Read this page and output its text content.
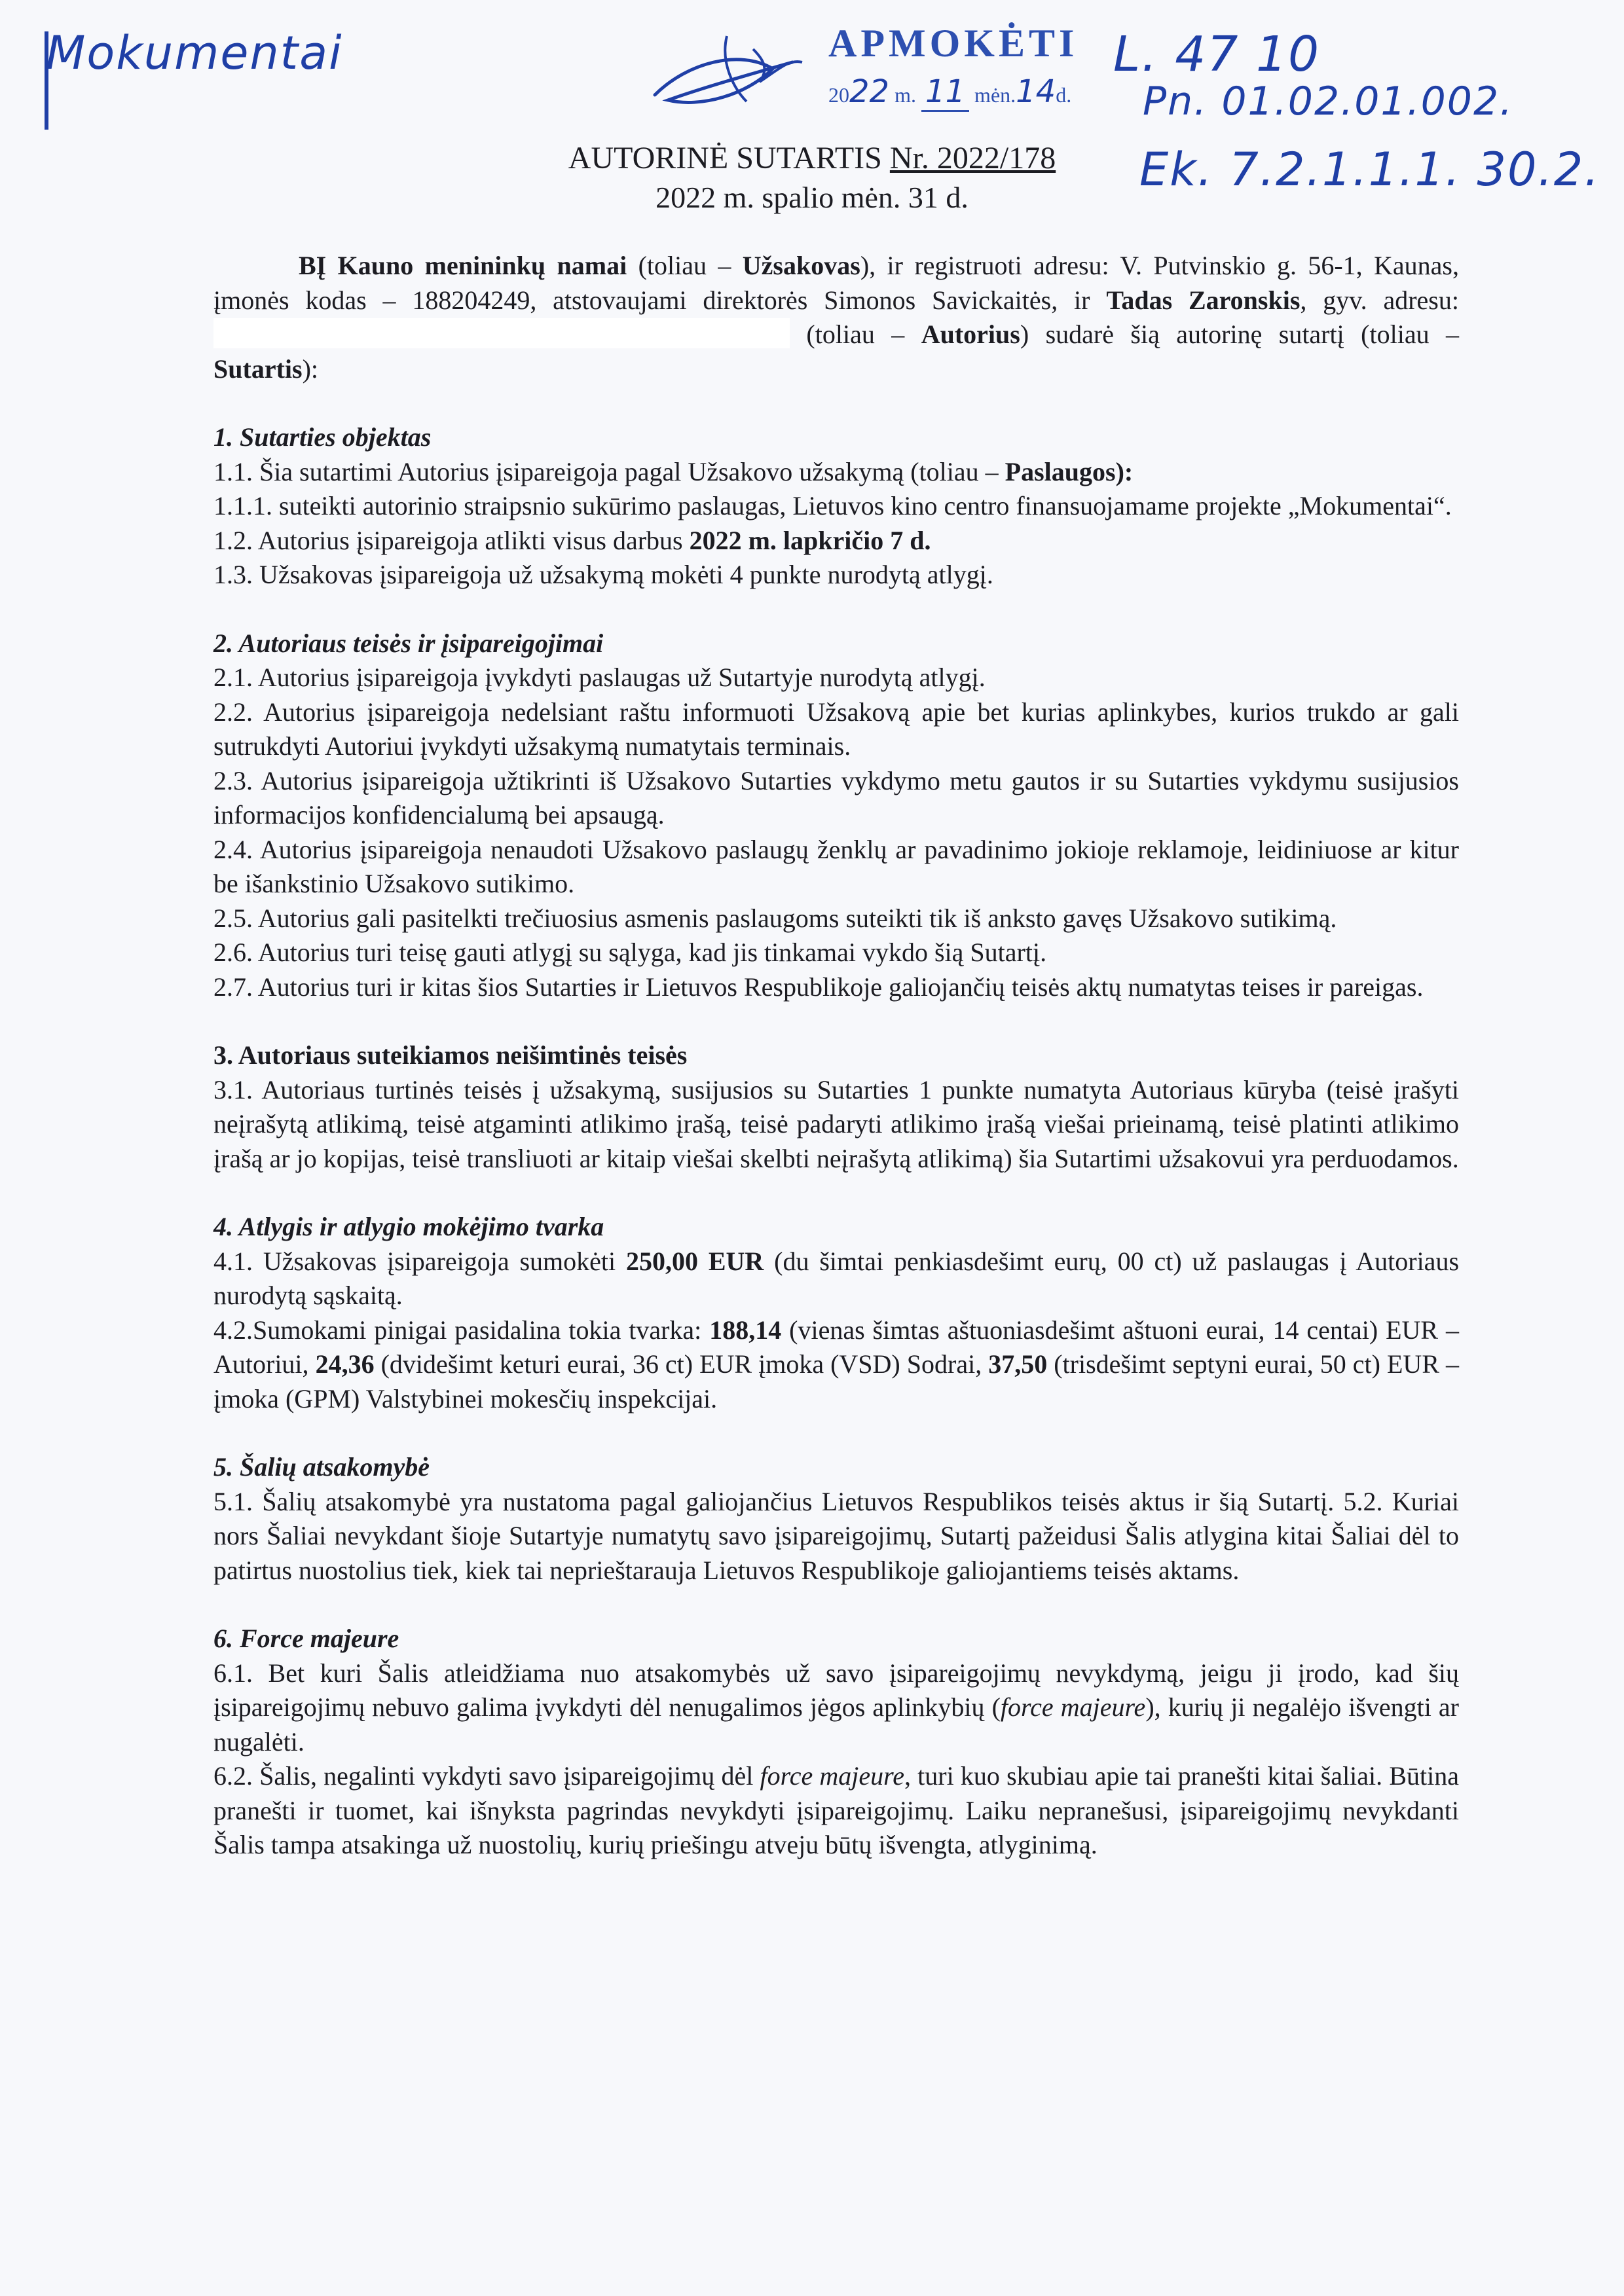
Mokumentai	L. 47 10
Pn. 01.02.01.002.
Ek. 7.2.1.1.1. 30.2.
APMOKĖTI
2022 m. 11 mėn.14d.
AUTORINĖ SUTARTIS Nr. 2022/178
2022 m. spalio mėn. 31 d.

BĮ Kauno menininkų namai (toliau – Užsakovas), ir registruoti adresu: V. Putvinskio g. 56-1, Kaunas, įmonės kodas – 188204249, atstovaujami direktorės Simonos Savickaitės, ir Tadas Zaronskis, gyv. adresu:  (toliau – Autorius) sudarė šią autorinę sutartį (toliau – Sutartis):

1. Sutarties objektas

1.1. Šia sutartimi Autorius įsipareigoja pagal Užsakovo užsakymą (toliau – Paslaugos):

1.1.1. suteikti autorinio straipsnio sukūrimo paslaugas, Lietuvos kino centro finansuojamame projekte „Mokumentai“.

1.2. Autorius įsipareigoja atlikti visus darbus 2022 m. lapkričio 7 d.

1.3. Užsakovas įsipareigoja už užsakymą mokėti 4 punkte nurodytą atlygį.

2. Autoriaus teisės ir įsipareigojimai

2.1. Autorius įsipareigoja įvykdyti paslaugas už Sutartyje nurodytą atlygį.

2.2. Autorius įsipareigoja nedelsiant raštu informuoti Užsakovą apie bet kurias aplinkybes, kurios trukdo ar gali sutrukdyti Autoriui įvykdyti užsakymą numatytais terminais.

2.3. Autorius įsipareigoja užtikrinti iš Užsakovo Sutarties vykdymo metu gautos ir su Sutarties vykdymu susijusios informacijos konfidencialumą bei apsaugą.

2.4. Autorius įsipareigoja nenaudoti Užsakovo paslaugų ženklų ar pavadinimo jokioje reklamoje, leidiniuose ar kitur be išankstinio Užsakovo sutikimo.

2.5. Autorius gali pasitelkti trečiuosius asmenis paslaugoms suteikti tik iš anksto gavęs Užsakovo sutikimą.

2.6. Autorius turi teisę gauti atlygį su sąlyga, kad jis tinkamai vykdo šią Sutartį.

2.7. Autorius turi ir kitas šios Sutarties ir Lietuvos Respublikoje galiojančių teisės aktų numatytas teises ir pareigas.

3. Autoriaus suteikiamos neišimtinės teisės

3.1. Autoriaus turtinės teisės į užsakymą, susijusios su Sutarties 1 punkte numatyta Autoriaus kūryba (teisė įrašyti neįrašytą atlikimą, teisė atgaminti atlikimo įrašą, teisė padaryti atlikimo įrašą viešai prieinamą, teisė platinti atlikimo įrašą ar jo kopijas, teisė transliuoti ar kitaip viešai skelbti neįrašytą atlikimą) šia Sutartimi užsakovui yra perduodamos.

4. Atlygis ir atlygio mokėjimo tvarka

4.1. Užsakovas įsipareigoja sumokėti 250,00 EUR (du šimtai penkiasdešimt eurų, 00 ct) už paslaugas į Autoriaus nurodytą sąskaitą.

4.2.Sumokami pinigai pasidalina tokia tvarka: 188,14 (vienas šimtas aštuoniasdešimt aštuoni eurai, 14 centai) EUR – Autoriui, 24,36 (dvidešimt keturi eurai, 36 ct) EUR įmoka (VSD) Sodrai, 37,50 (trisdešimt septyni eurai, 50 ct) EUR – įmoka (GPM) Valstybinei mokesčių inspekcijai.

5. Šalių atsakomybė

5.1. Šalių atsakomybė yra nustatoma pagal galiojančius Lietuvos Respublikos teisės aktus ir šią Sutartį. 5.2. Kuriai nors Šaliai nevykdant šioje Sutartyje numatytų savo įsipareigojimų, Sutartį pažeidusi Šalis atlygina kitai Šaliai dėl to patirtus nuostolius tiek, kiek tai neprieštarauja Lietuvos Respublikoje galiojantiems teisės aktams.

6. Force majeure

6.1. Bet kuri Šalis atleidžiama nuo atsakomybės už savo įsipareigojimų nevykdymą, jeigu ji įrodo, kad šių įsipareigojimų nebuvo galima įvykdyti dėl nenugalimos jėgos aplinkybių (force majeure), kurių ji negalėjo išvengti ar nugalėti.

6.2. Šalis, negalinti vykdyti savo įsipareigojimų dėl force majeure, turi kuo skubiau apie tai pranešti kitai šaliai. Būtina pranešti ir tuomet, kai išnyksta pagrindas nevykdyti įsipareigojimų. Laiku nepranešusi, įsipareigojimų nevykdanti Šalis tampa atsakinga už nuostolių, kurių priešingu atveju būtų išvengta, atlyginimą.
